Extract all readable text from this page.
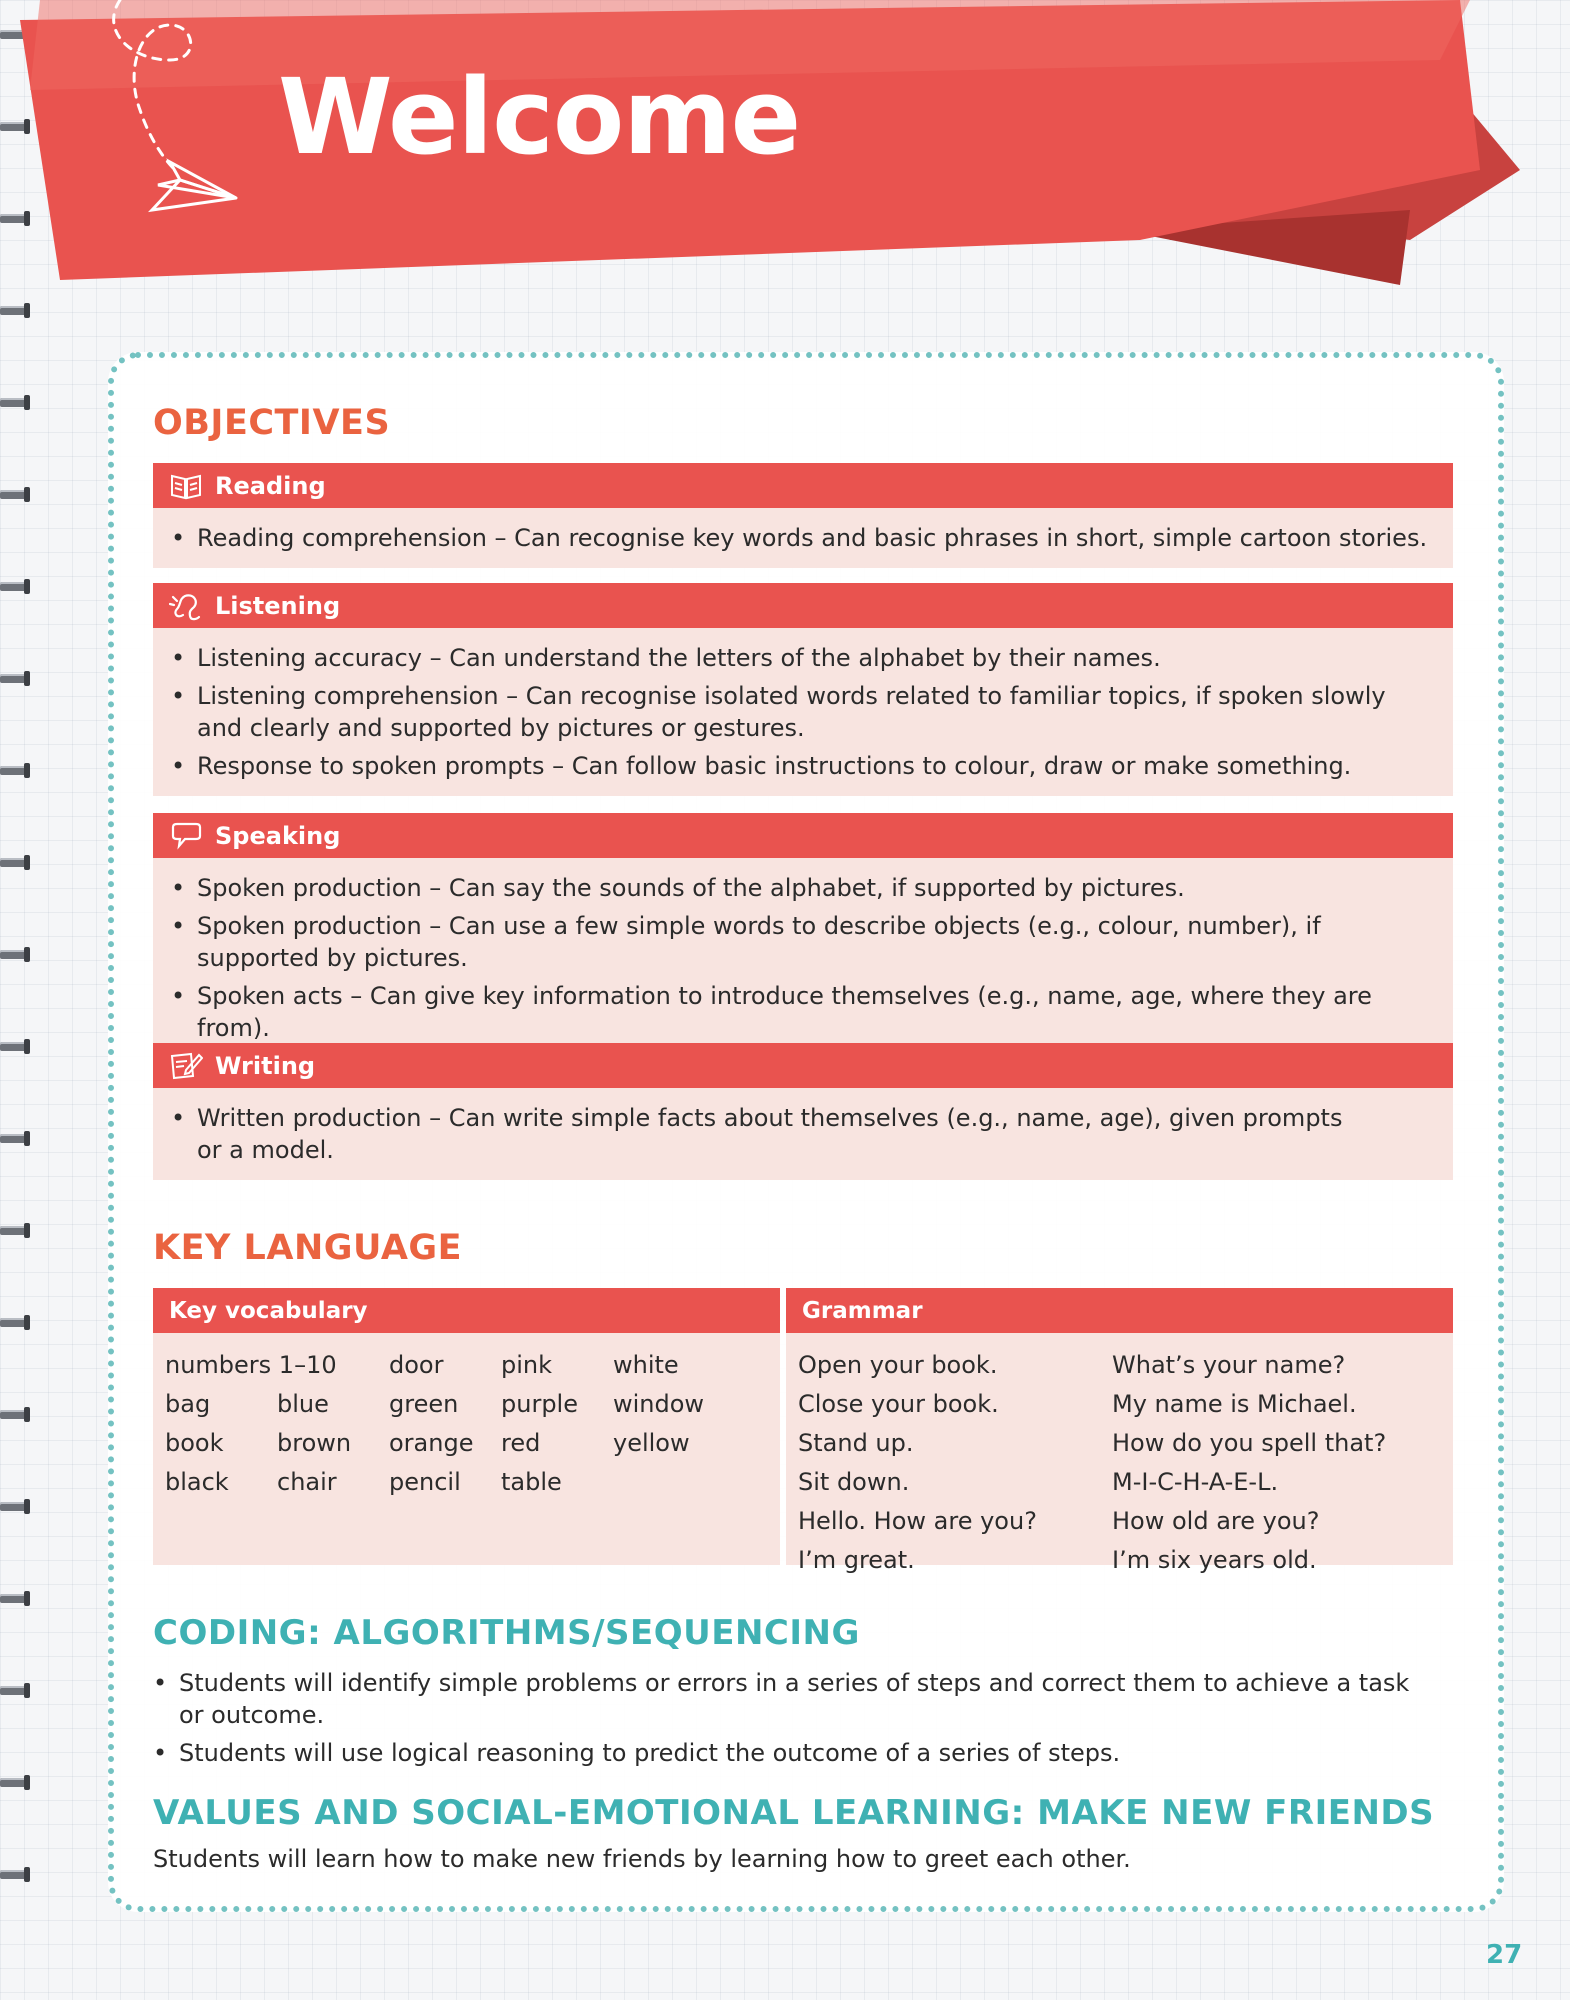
Welcome
OBJECTIVES
Reading
• Reading comprehension – Can recognise key words and basic phrases in short, simple cartoon stories.
Listening
• Listening accuracy – Can understand the letters of the alphabet by their names.
• Listening comprehension – Can recognise isolated words related to familiar topics, if spoken slowly and clearly and supported by pictures or gestures.
• Response to spoken prompts – Can follow basic instructions to colour, draw or make something.
Speaking
• Spoken production – Can say the sounds of the alphabet, if supported by pictures.
• Spoken production – Can use a few simple words to describe objects (e.g., colour, number), if supported by pictures.
• Spoken acts – Can give key information to introduce themselves (e.g., name, age, where they are from).
Writing
• Written production – Can write simple facts about themselves (e.g., name, age), given prompts or a model.
KEY LANGUAGE
Key vocabulary
numbers 1–10		door	pink	white
bag	blue	green	purple	window
book	brown	orange	red	yellow
black	chair	pencil	table	
Grammar
Open your book.	What’s your name?
Close your book.	My name is Michael.
Stand up.	How do you spell that?
Sit down.	M-I-C-H-A-E-L.
Hello. How are you?	How old are you?
I’m great.	I’m six years old.
CODING: ALGORITHMS/SEQUENCING
• Students will identify simple problems or errors in a series of steps and correct them to achieve a task or outcome.
• Students will use logical reasoning to predict the outcome of a series of steps.
VALUES AND SOCIAL-EMOTIONAL LEARNING: MAKE NEW FRIENDS

Students will learn how to make new friends by learning how to greet each other.

27
